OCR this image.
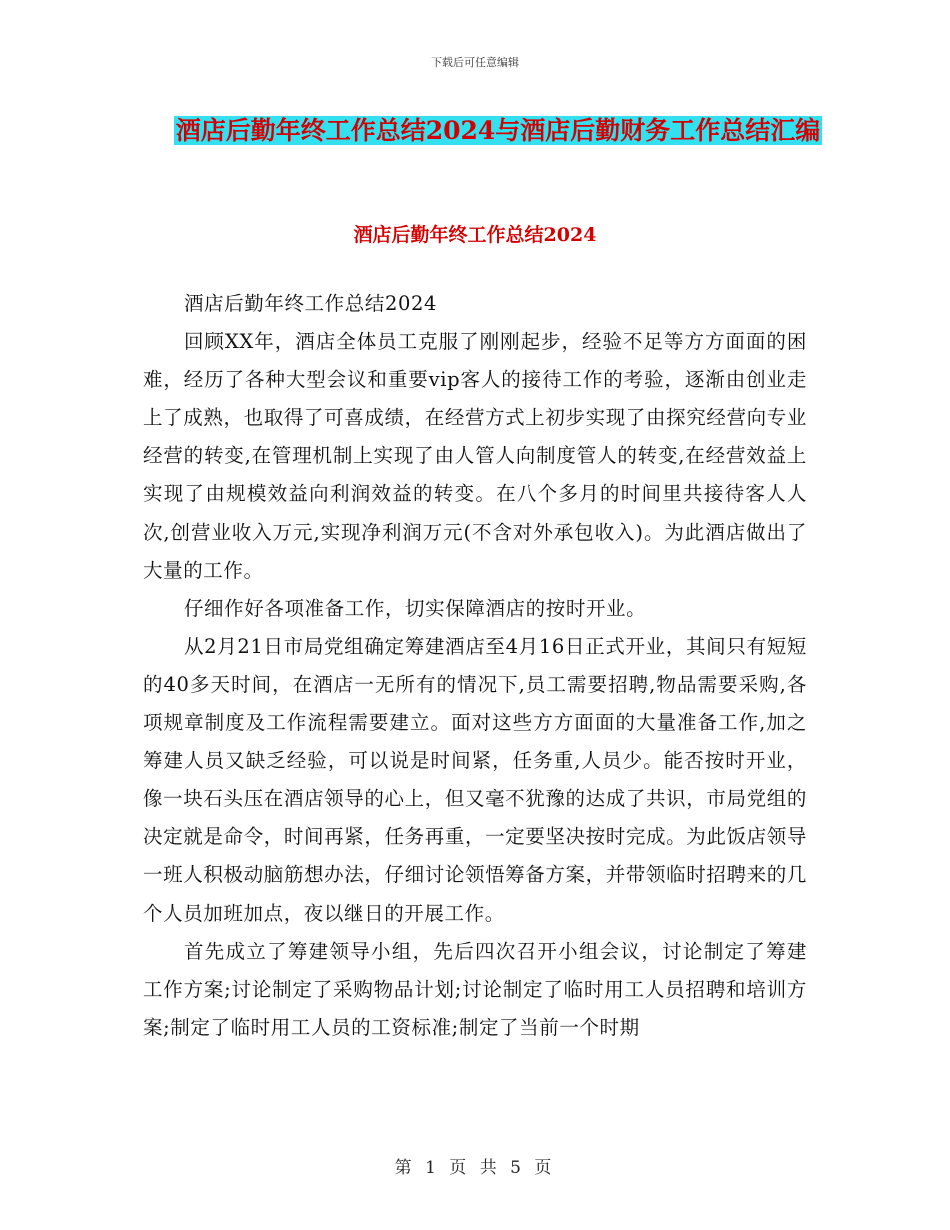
下载后可任意编辑
酒店后勤年终工作总结2024与酒店后勤财务工作总结汇编
酒店后勤年终工作总结2024

酒店后勤年终工作总结2024

回顾XX年，酒店全体员工克服了刚刚起步，经验不足等方方面面的困难，经历了各种大型会议和重要vip客人的接待工作的考验，逐渐由创业走上了成熟，也取得了可喜成绩，在经营方式上初步实现了由探究经营向专业经营的转变,在管理机制上实现了由人管人向制度管人的转变,在经营效益上实现了由规模效益向利润效益的转变。在八个多月的时间里共接待客人人次,创营业收入万元,实现净利润万元(不含对外承包收入)。为此酒店做出了大量的工作。

仔细作好各项准备工作，切实保障酒店的按时开业。

从2月21日市局党组确定筹建酒店至4月16日正式开业，其间只有短短的40多天时间，在酒店一无所有的情况下,员工需要招聘,物品需要采购,各项规章制度及工作流程需要建立。面对这些方方面面的大量准备工作,加之筹建人员又缺乏经验，可以说是时间紧，任务重,人员少。能否按时开业，像一块石头压在酒店领导的心上，但又毫不犹豫的达成了共识，市局党组的决定就是命令，时间再紧，任务再重，一定要坚决按时完成。为此饭店领导一班人积极动脑筋想办法，仔细讨论领悟筹备方案，并带领临时招聘来的几个人员加班加点，夜以继日的开展工作。

首先成立了筹建领导小组，先后四次召开小组会议，讨论制定了筹建工作方案;讨论制定了采购物品计划;讨论制定了临时用工人员招聘和培训方案;制定了临时用工人员的工资标准;制定了当前一个时期

第 1 页 共 5 页
